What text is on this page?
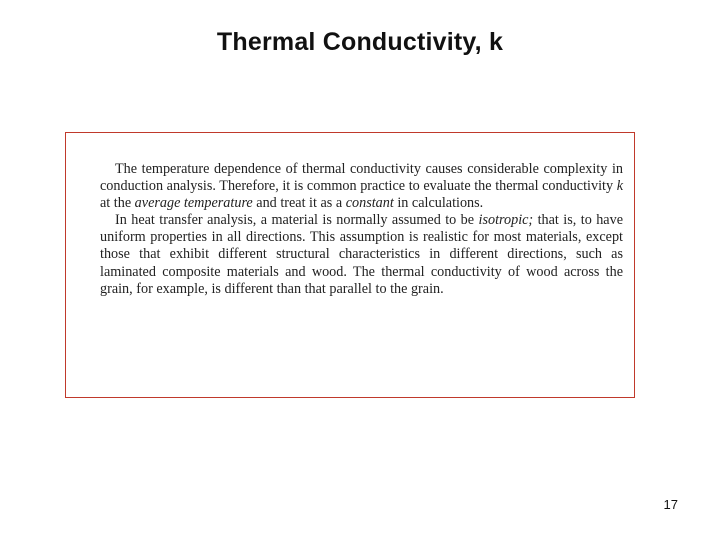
Thermal Conductivity, k

The temperature dependence of thermal conductivity causes considerable complexity in conduction analysis. Therefore, it is common practice to evaluate the thermal conductivity k at the average temperature and treat it as a constant in calculations.

In heat transfer analysis, a material is normally assumed to be isotropic; that is, to have uniform properties in all directions. This assumption is realistic for most materials, except those that exhibit different structural characteristics in different directions, such as laminated composite materials and wood. The thermal conductivity of wood across the grain, for example, is different than that parallel to the grain.

17
